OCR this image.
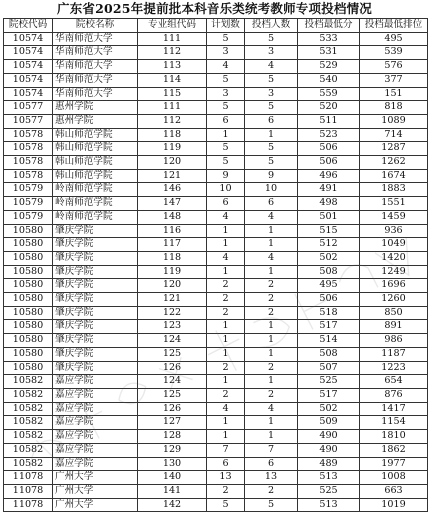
广东省2025年提前批本科音乐类统考教师专项投档情况
院校代码	院校名称	专业组代码	计划数	投档人数	投档最低分	投档最低排位
10574	华南师范大学	111	5	5	533	495
10574	华南师范大学	112	3	3	531	539
10574	华南师范大学	113	4	4	529	576
10574	华南师范大学	114	5	5	540	377
10574	华南师范大学	115	3	3	559	151
10577	惠州学院	111	5	5	520	818
10577	惠州学院	112	6	6	511	1089
10578	韩山师范学院	118	1	1	523	714
10578	韩山师范学院	119	5	5	506	1287
10578	韩山师范学院	120	5	5	506	1262
10578	韩山师范学院	121	9	9	496	1674
10579	岭南师范学院	146	10	10	491	1883
10579	岭南师范学院	147	6	6	498	1551
10579	岭南师范学院	148	4	4	501	1459
10580	肇庆学院	116	1	1	515	936
10580	肇庆学院	117	1	1	512	1049
10580	肇庆学院	118	4	4	502	1420
10580	肇庆学院	119	1	1	508	1249
10580	肇庆学院	120	2	2	495	1696
10580	肇庆学院	121	2	2	506	1260
10580	肇庆学院	122	2	2	518	850
10580	肇庆学院	123	1	1	517	891
10580	肇庆学院	124	1	1	514	986
10580	肇庆学院	125	1	1	508	1187
10580	肇庆学院	126	2	2	507	1223
10582	嘉应学院	124	1	1	525	654
10582	嘉应学院	125	2	2	517	876
10582	嘉应学院	126	4	4	502	1417
10582	嘉应学院	127	1	1	509	1154
10582	嘉应学院	128	1	1	490	1810
10582	嘉应学院	129	7	7	490	1862
10582	嘉应学院	130	6	6	489	1977
11078	广州大学	140	13	13	513	1008
11078	广州大学	141	2	2	525	663
11078	广州大学	142	5	5	513	1019
